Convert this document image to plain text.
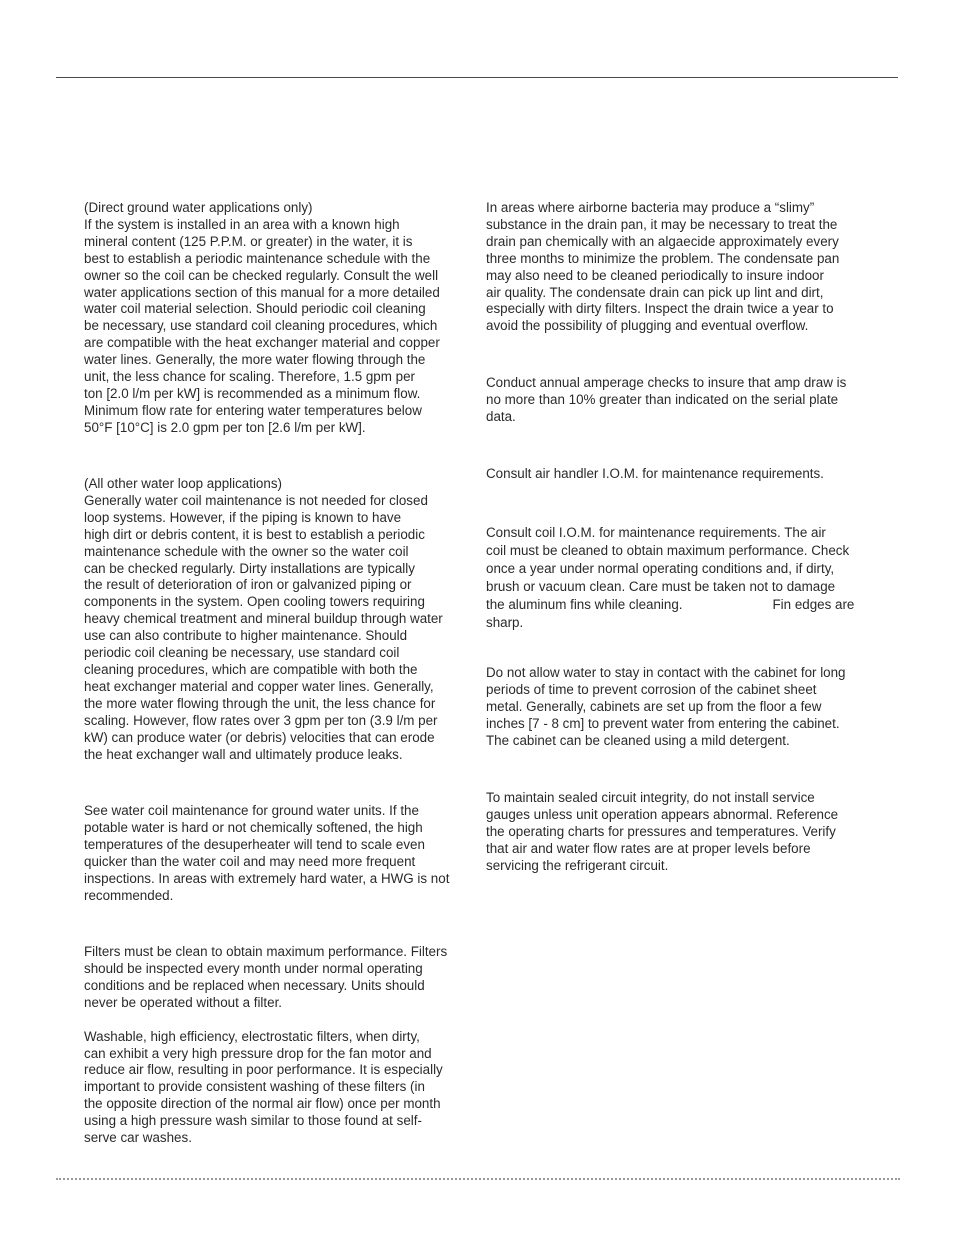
(Direct ground water applications only)

If the system is installed in an area with a known high
mineral content (125 P.P.M. or greater) in the water, it is
best to establish a periodic maintenance schedule with the
owner so the coil can be checked regularly. Consult the well
water applications section of this manual for a more detailed
water coil material selection. Should periodic coil cleaning
be necessary, use standard coil cleaning procedures, which
are compatible with the heat exchanger material and copper
water lines. Generally, the more water flowing through the
unit, the less chance for scaling. Therefore, 1.5 gpm per
ton [2.0 l/m per kW] is recommended as a minimum flow.
Minimum flow rate for entering water temperatures below
50°F [10°C] is 2.0 gpm per ton [2.6 l/m per kW].

(All other water loop applications)

Generally water coil maintenance is not needed for closed
loop systems. However, if the piping is known to have
high dirt or debris content, it is best to establish a periodic
maintenance schedule with the owner so the water coil
can be checked regularly. Dirty installations are typically
the result of deterioration of iron or galvanized piping or
components in the system. Open cooling towers requiring
heavy chemical treatment and mineral buildup through water
use can also contribute to higher maintenance. Should
periodic coil cleaning be necessary, use standard coil
cleaning procedures, which are compatible with both the
heat exchanger material and copper water lines. Generally,
the more water flowing through the unit, the less chance for
scaling. However, flow rates over 3 gpm per ton (3.9 l/m per
kW) can produce water (or debris) velocities that can erode
the heat exchanger wall and ultimately produce leaks.

See water coil maintenance for ground water units. If the
potable water is hard or not chemically softened, the high
temperatures of the desuperheater will tend to scale even
quicker than the water coil and may need more frequent
inspections. In areas with extremely hard water, a HWG is not
recommended.

Filters must be clean to obtain maximum performance. Filters
should be inspected every month under normal operating
conditions and be replaced when necessary. Units should
never be operated without a filter.

Washable, high efficiency, electrostatic filters, when dirty,
can exhibit a very high pressure drop for the fan motor and
reduce air flow, resulting in poor performance. It is especially
important to provide consistent washing of these filters (in
the opposite direction of the normal air flow) once per month
using a high pressure wash similar to those found at self-
serve car washes.

In areas where airborne bacteria may produce a “slimy”
substance in the drain pan, it may be necessary to treat the
drain pan chemically with an algaecide approximately every
three months to minimize the problem. The condensate pan
may also need to be cleaned periodically to insure indoor
air quality. The condensate drain can pick up lint and dirt,
especially with dirty filters. Inspect the drain twice a year to
avoid the possibility of plugging and eventual overflow.

Conduct annual amperage checks to insure that amp draw is
no more than 10% greater than indicated on the serial plate
data.

Consult air handler I.O.M. for maintenance requirements.

Consult coil I.O.M. for maintenance requirements. The air
coil must be cleaned to obtain maximum performance. Check
once a year under normal operating conditions and, if dirty,
brush or vacuum clean. Care must be taken not to damage
the aluminum fins while cleaning.	Fin edges are
sharp.

Do not allow water to stay in contact with the cabinet for long
periods of time to prevent corrosion of the cabinet sheet
metal. Generally, cabinets are set up from the floor a few
inches [7 - 8 cm] to prevent water from entering the cabinet.
The cabinet can be cleaned using a mild detergent.

To maintain sealed circuit integrity, do not install service
gauges unless unit operation appears abnormal. Reference
the operating charts for pressures and temperatures. Verify
that air and water flow rates are at proper levels before
servicing the refrigerant circuit.
